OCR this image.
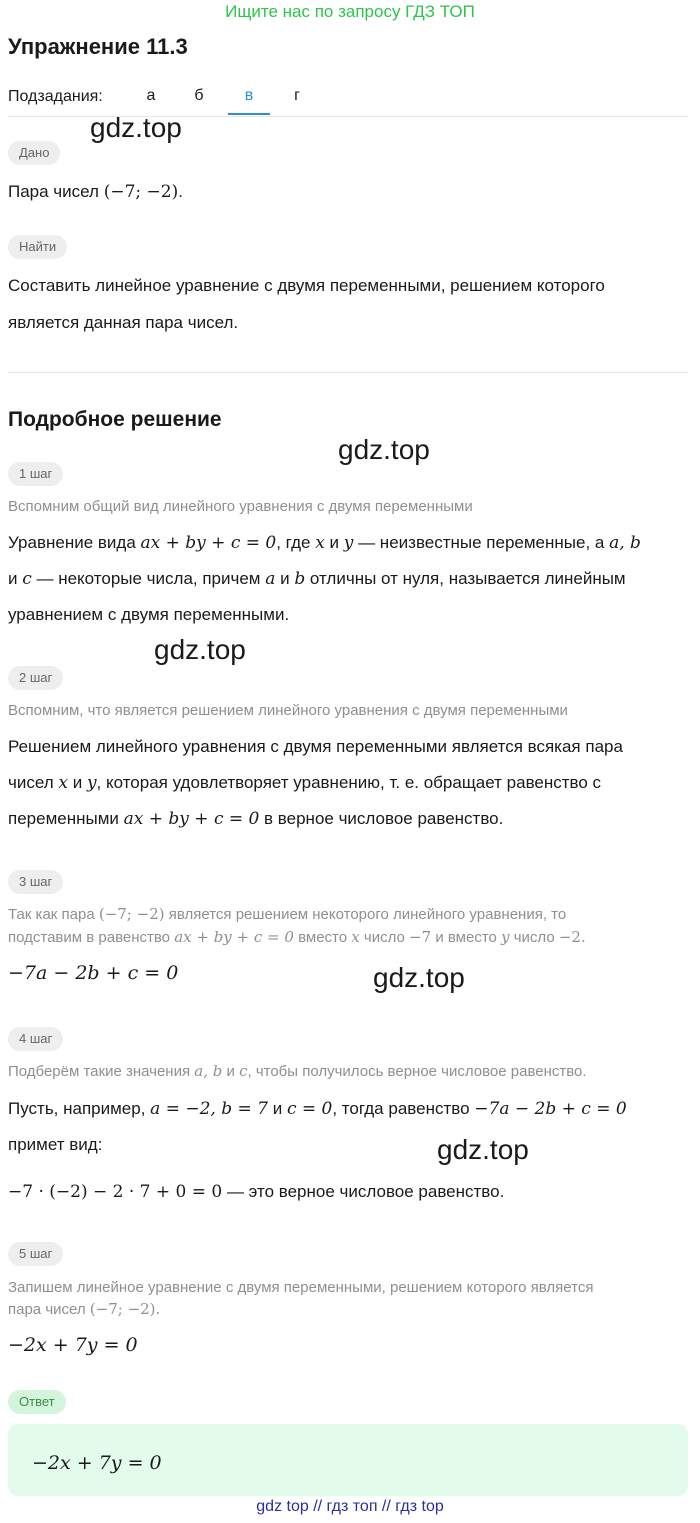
Ищите нас по запросу ГДЗ ТОП
Упражнение 11.3
Подзадания:	а	б	в	г
gdz.top
gdz.top
gdz.top
gdz.top
gdz.top
Дано
Пара чисел (−7; −2).
Найти
Составить линейное уравнение с двумя переменными, решением которого
является данная пара чисел.
Подробное решение
1 шаг
Вспомним общий вид линейного уравнения с двумя переменными
Уравнение вида ax + by + c = 0, где x и y — неизвестные переменные, а a, b
и c — некоторые числа, причем a и b отличны от нуля, называется линейным
уравнением с двумя переменными.
2 шаг
Вспомним, что является решением линейного уравнения с двумя переменными
Решением линейного уравнения с двумя переменными является всякая пара
чисел x и y, которая удовлетворяет уравнению, т. е. обращает равенство с
переменными ax + by + c = 0 в верное числовое равенство.
3 шаг
Так как пара (−7; −2) является решением некоторого линейного уравнения, то
подставим в равенство ax + by + c = 0 вместо x число −7 и вместо y число −2.
−7a − 2b + c = 0
4 шаг
Подберём такие значения a, b и c, чтобы получилось верное числовое равенство.
Пусть, например, a = −2, b = 7 и c = 0, тогда равенство −7a − 2b + c = 0
примет вид:
−7 · (−2) − 2 · 7 + 0 = 0 — это верное числовое равенство.
5 шаг
Запишем линейное уравнение с двумя переменными, решением которого является
пара чисел (−7; −2).
−2x + 7y = 0
Ответ
−2x + 7y = 0
gdz top // гдз топ // гдз top
